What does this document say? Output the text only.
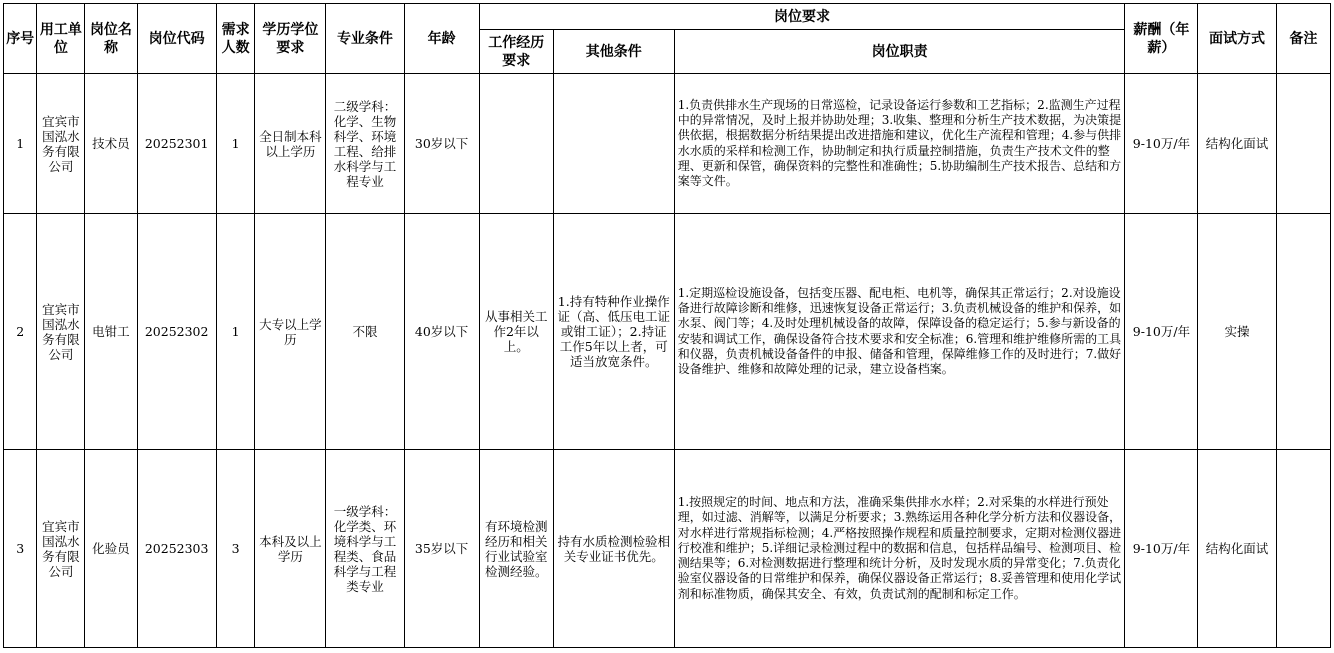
序号	用工单位	岗位名称	岗位代码	需求人数	学历学位要求	专业条件	年龄	岗位要求			薪酬（年薪）	面试方式	备注
								工作经历要求	其他条件	岗位职责			
1	宜宾市国泓水务有限公司	技术员	20252301	1	全日制本科以上学历	二级学科：化学、生物科学、环境工程、给排水科学与工程专业	30岁以下			1.负责供排水生产现场的日常巡检，记录设备运行参数和工艺指标；2.监测生产过程中的异常情况，及时上报并协助处理；3.收集、整理和分析生产技术数据，为决策提供依据，根据数据分析结果提出改进措施和建议，优化生产流程和管理；4.参与供排水水质的采样和检测工作，协助制定和执行质量控制措施，负责生产技术文件的整理、更新和保管，确保资料的完整性和准确性；5.协助编制生产技术报告、总结和方案等文件。	9-10万/年	结构化面试	
2	宜宾市国泓水务有限公司	电钳工	20252302	1	大专以上学历	不限	40岁以下	从事相关工作2年以上。	1.持有特种作业操作证（高、低压电工证或钳工证）；2.持证工作5年以上者，可适当放宽条件。	1.定期巡检设施设备，包括变压器、配电柜、电机等，确保其正常运行；2.对设施设备进行故障诊断和维修，迅速恢复设备正常运行；3.负责机械设备的维护和保养，如水泵、阀门等；4.及时处理机械设备的故障，保障设备的稳定运行；5.参与新设备的安装和调试工作，确保设备符合技术要求和安全标准；6.管理和维护维修所需的工具和仪器，负责机械设备备件的申报、储备和管理，保障维修工作的及时进行；7.做好设备维护、维修和故障处理的记录，建立设备档案。	9-10万/年	实操	
3	宜宾市国泓水务有限公司	化验员	20252303	3	本科及以上学历	一级学科：化学类、环境科学与工程类、食品科学与工程类专业	35岁以下	有环境检测经历和相关行业试验室检测经验。	持有水质检测检验相关专业证书优先。	1.按照规定的时间、地点和方法，准确采集供排水水样；2.对采集的水样进行预处理，如过滤、消解等，以满足分析要求；3.熟练运用各种化学分析方法和仪器设备，对水样进行常规指标检测；4.严格按照操作规程和质量控制要求，定期对检测仪器进行校准和维护；5.详细记录检测过程中的数据和信息，包括样品编号、检测项目、检测结果等；6.对检测数据进行整理和统计分析，及时发现水质的异常变化；7.负责化验室仪器设备的日常维护和保养，确保仪器设备正常运行；8.妥善管理和使用化学试剂和标准物质，确保其安全、有效，负责试剂的配制和标定工作。	9-10万/年	结构化面试	
